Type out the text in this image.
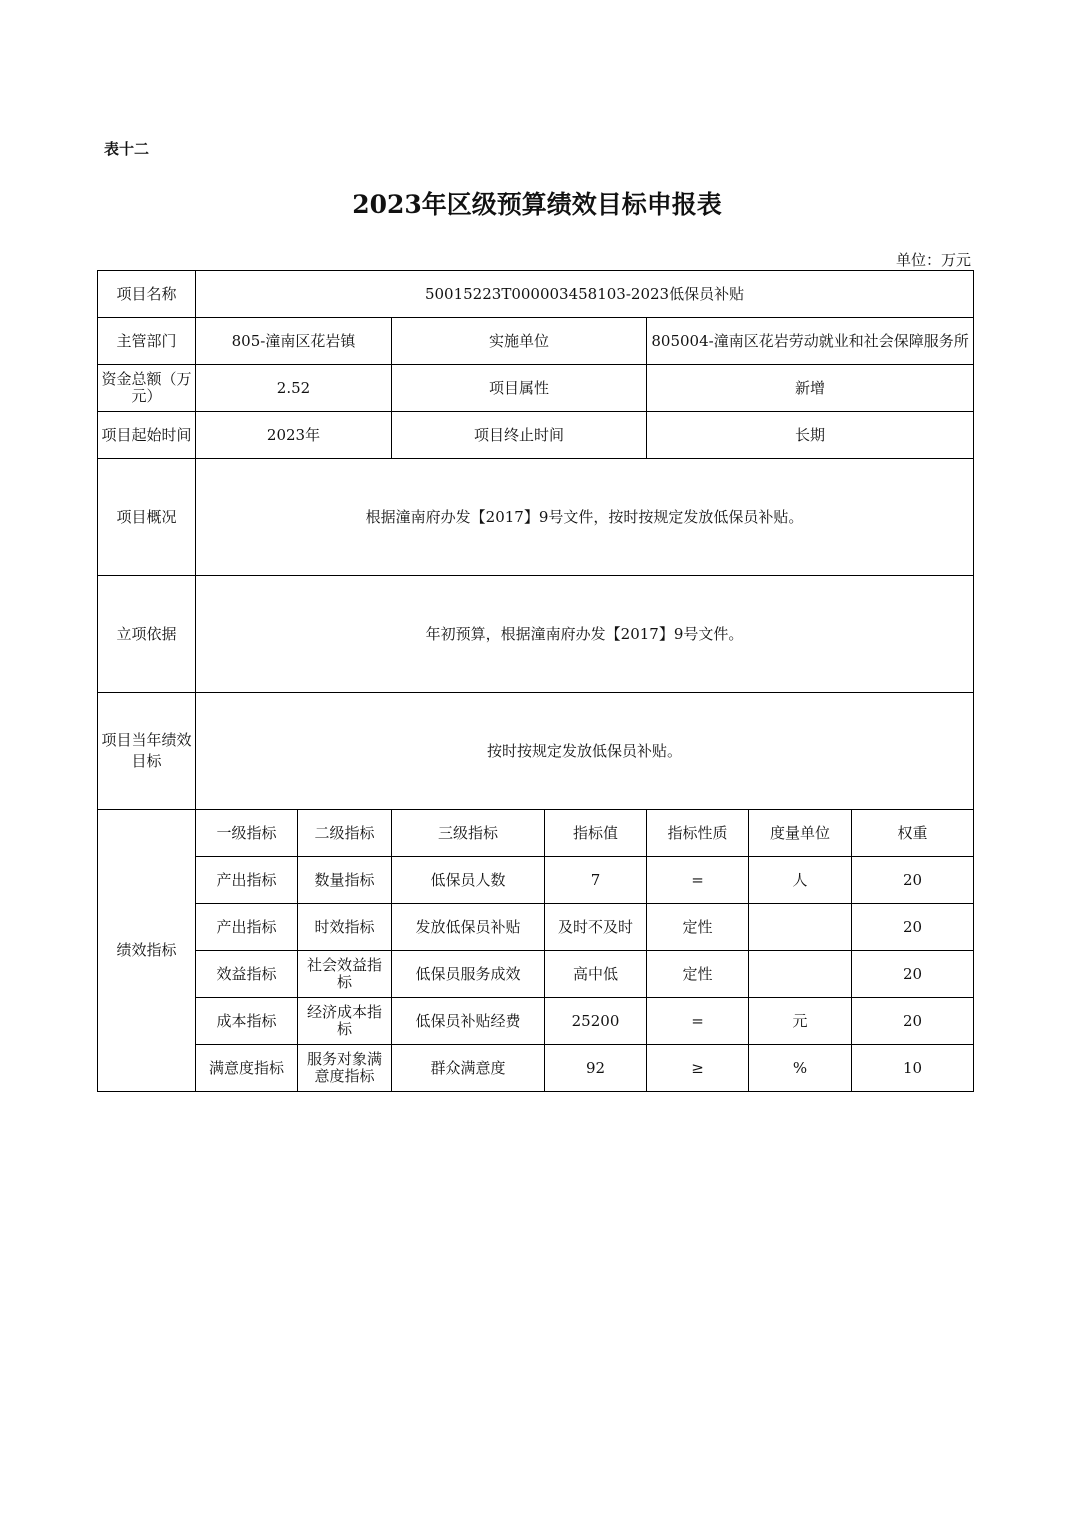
表十二
2023年区级预算绩效目标申报表
单位：万元
项目名称	50015223T000003458103-2023低保员补贴						
主管部门	805-潼南区花岩镇		实施单位		805004-潼南区花岩劳动就业和社会保障服务所		
资金总额（万元）	2.52		项目属性		新增		
项目起始时间	2023年		项目终止时间		长期		
项目概况	根据潼南府办发【2017】9号文件，按时按规定发放低保员补贴。						
立项依据	年初预算，根据潼南府办发【2017】9号文件。						
项目当年绩效目标	按时按规定发放低保员补贴。						
绩效指标	一级指标	二级指标	三级指标	指标值	指标性质	度量单位	权重
	产出指标	数量指标	低保员人数	7	=	人	20
	产出指标	时效指标	发放低保员补贴	及时不及时	定性		20
	效益指标	社会效益指标	低保员服务成效	高中低	定性		20
	成本指标	经济成本指标	低保员补贴经费	25200	=	元	20
	满意度指标	服务对象满意度指标	群众满意度	92	≥	%	10
